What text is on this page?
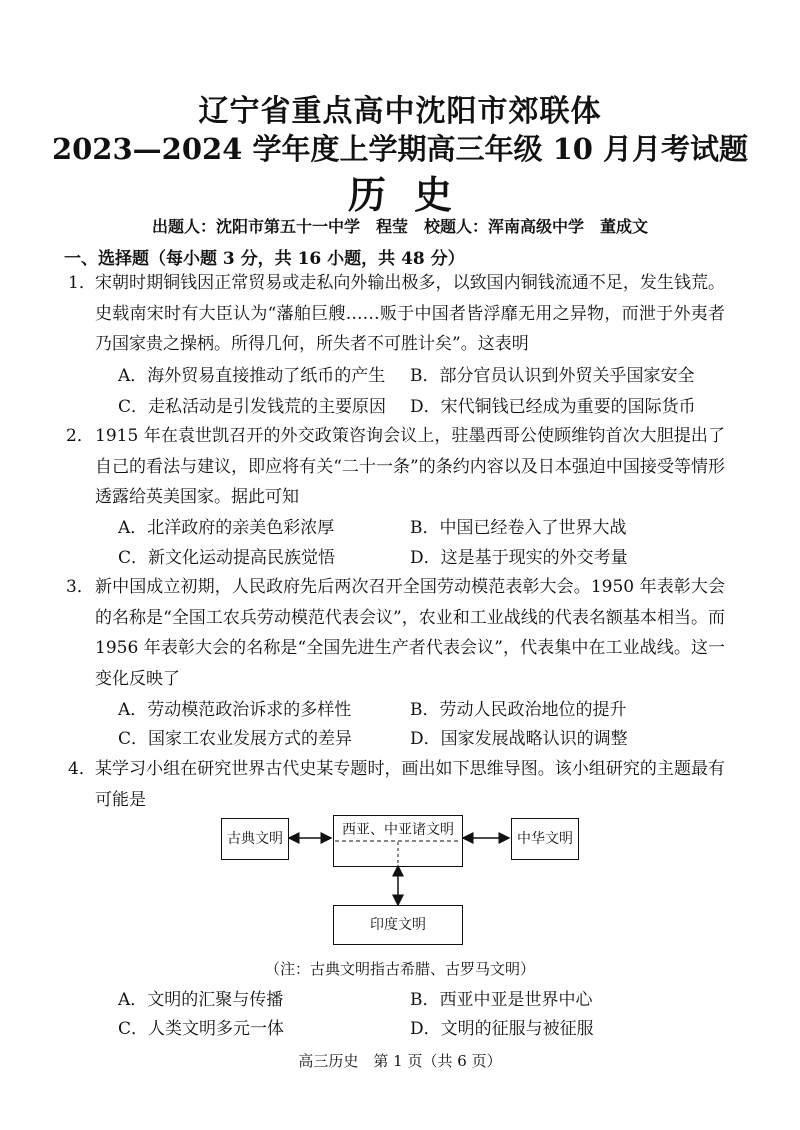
辽宁省重点高中沈阳市郊联体
2023—2024 学年度上学期高三年级 10 月月考试题
历史
出题人：沈阳市第五十一中学　程莹　校题人：浑南高级中学　董成文
一、选择题（每小题 3 分，共 16 小题，共 48 分）
1． 宋朝时期铜钱因正常贸易或走私向外输出极多，以致国内铜钱流通不足，发生钱荒。史载南宋时有大臣认为“藩舶巨艘……贩于中国者皆浮靡无用之异物，而泄于外夷者乃国家贵之操柄。所得几何，所失者不可胜计矣”。这表明
A．海外贸易直接推动了纸币的产生 B．部分官员认识到外贸关乎国家安全
C．走私活动是引发钱荒的主要原因 D．宋代铜钱已经成为重要的国际货币
2． 1915 年在袁世凯召开的外交政策咨询会议上，驻墨西哥公使顾维钧首次大胆提出了自己的看法与建议，即应将有关“二十一条”的条约内容以及日本强迫中国接受等情形透露给英美国家。据此可知
A．北洋政府的亲美色彩浓厚	B．中国已经卷入了世界大战
C．新文化运动提高民族觉悟	D．这是基于现实的外交考量
3． 新中国成立初期，人民政府先后两次召开全国劳动模范表彰大会。1950 年表彰大会的名称是“全国工农兵劳动模范代表会议”，农业和工业战线的代表名额基本相当。而 1956 年表彰大会的名称是“全国先进生产者代表会议”，代表集中在工业战线。这一变化反映了
A．劳动模范政治诉求的多样性	B．劳动人民政治地位的提升
C．国家工农业发展方式的差异	D．国家发展战略认识的调整
4． 某学习小组在研究世界古代史某专题时，画出如下思维导图。该小组研究的主题最有可能是
古典文明
西亚、中亚诸文明
中华文明
印度文明
（注：古典文明指古希腊、古罗马文明）
A．文明的汇聚与传播	B．西亚中亚是世界中心
C．人类文明多元一体	D．文明的征服与被征服
高三历史　第 1 页（共 6 页）
